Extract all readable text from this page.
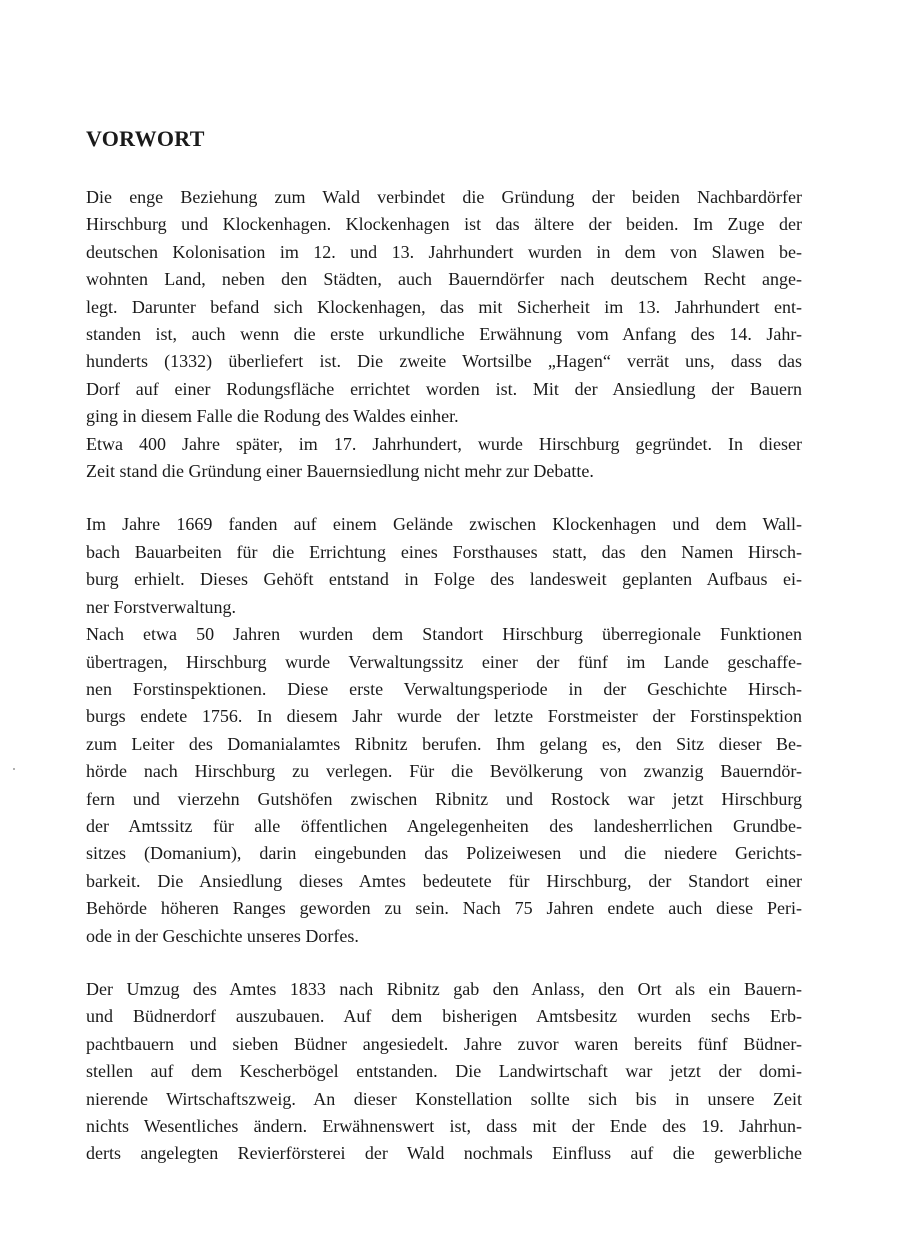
VORWORT
Die enge Beziehung zum Wald verbindet die Gründung der beiden Nachbardörfer
Hirschburg und Klockenhagen. Klockenhagen ist das ältere der beiden. Im Zuge der
deutschen Kolonisation im 12. und 13. Jahrhundert wurden in dem von Slawen be-
wohnten Land, neben den Städten, auch Bauerndörfer nach deutschem Recht ange-
legt. Darunter befand sich Klockenhagen, das mit Sicherheit im 13. Jahrhundert ent-
standen ist, auch wenn die erste urkundliche Erwähnung vom Anfang des 14. Jahr-
hunderts (1332) überliefert ist. Die zweite Wortsilbe „Hagen“ verrät uns, dass das
Dorf auf einer Rodungsfläche errichtet worden ist. Mit der Ansiedlung der Bauern
ging in diesem Falle die Rodung des Waldes einher.
Etwa 400 Jahre später, im 17. Jahrhundert, wurde Hirschburg gegründet. In dieser
Zeit stand die Gründung einer Bauernsiedlung nicht mehr zur Debatte.
Im Jahre 1669 fanden auf einem Gelände zwischen Klockenhagen und dem Wall-
bach Bauarbeiten für die Errichtung eines Forsthauses statt, das den Namen Hirsch-
burg erhielt. Dieses Gehöft entstand in Folge des landesweit geplanten Aufbaus ei-
ner Forstverwaltung.
Nach etwa 50 Jahren wurden dem Standort Hirschburg überregionale Funktionen
übertragen, Hirschburg wurde Verwaltungssitz einer der fünf im Lande geschaffe-
nen Forstinspektionen. Diese erste Verwaltungsperiode in der Geschichte Hirsch-
burgs endete 1756. In diesem Jahr wurde der letzte Forstmeister der Forstinspektion
zum Leiter des Domanialamtes Ribnitz berufen. Ihm gelang es, den Sitz dieser Be-
hörde nach Hirschburg zu verlegen. Für die Bevölkerung von zwanzig Bauerndör-
fern und vierzehn Gutshöfen zwischen Ribnitz und Rostock war jetzt Hirschburg
der Amtssitz für alle öffentlichen Angelegenheiten des landesherrlichen Grundbe-
sitzes (Domanium), darin eingebunden das Polizeiwesen und die niedere Gerichts-
barkeit. Die Ansiedlung dieses Amtes bedeutete für Hirschburg, der Standort einer
Behörde höheren Ranges geworden zu sein. Nach 75 Jahren endete auch diese Peri-
ode in der Geschichte unseres Dorfes.
Der Umzug des Amtes 1833 nach Ribnitz gab den Anlass, den Ort als ein Bauern-
und Büdnerdorf auszubauen. Auf dem bisherigen Amtsbesitz wurden sechs Erb-
pachtbauern und sieben Büdner angesiedelt. Jahre zuvor waren bereits fünf Büdner-
stellen auf dem Kescherbögel entstanden. Die Landwirtschaft war jetzt der domi-
nierende Wirtschaftszweig. An dieser Konstellation sollte sich bis in unsere Zeit
nichts Wesentliches ändern. Erwähnenswert ist, dass mit der Ende des 19. Jahrhun-
derts angelegten Revierförsterei der Wald nochmals Einfluss auf die gewerbliche
